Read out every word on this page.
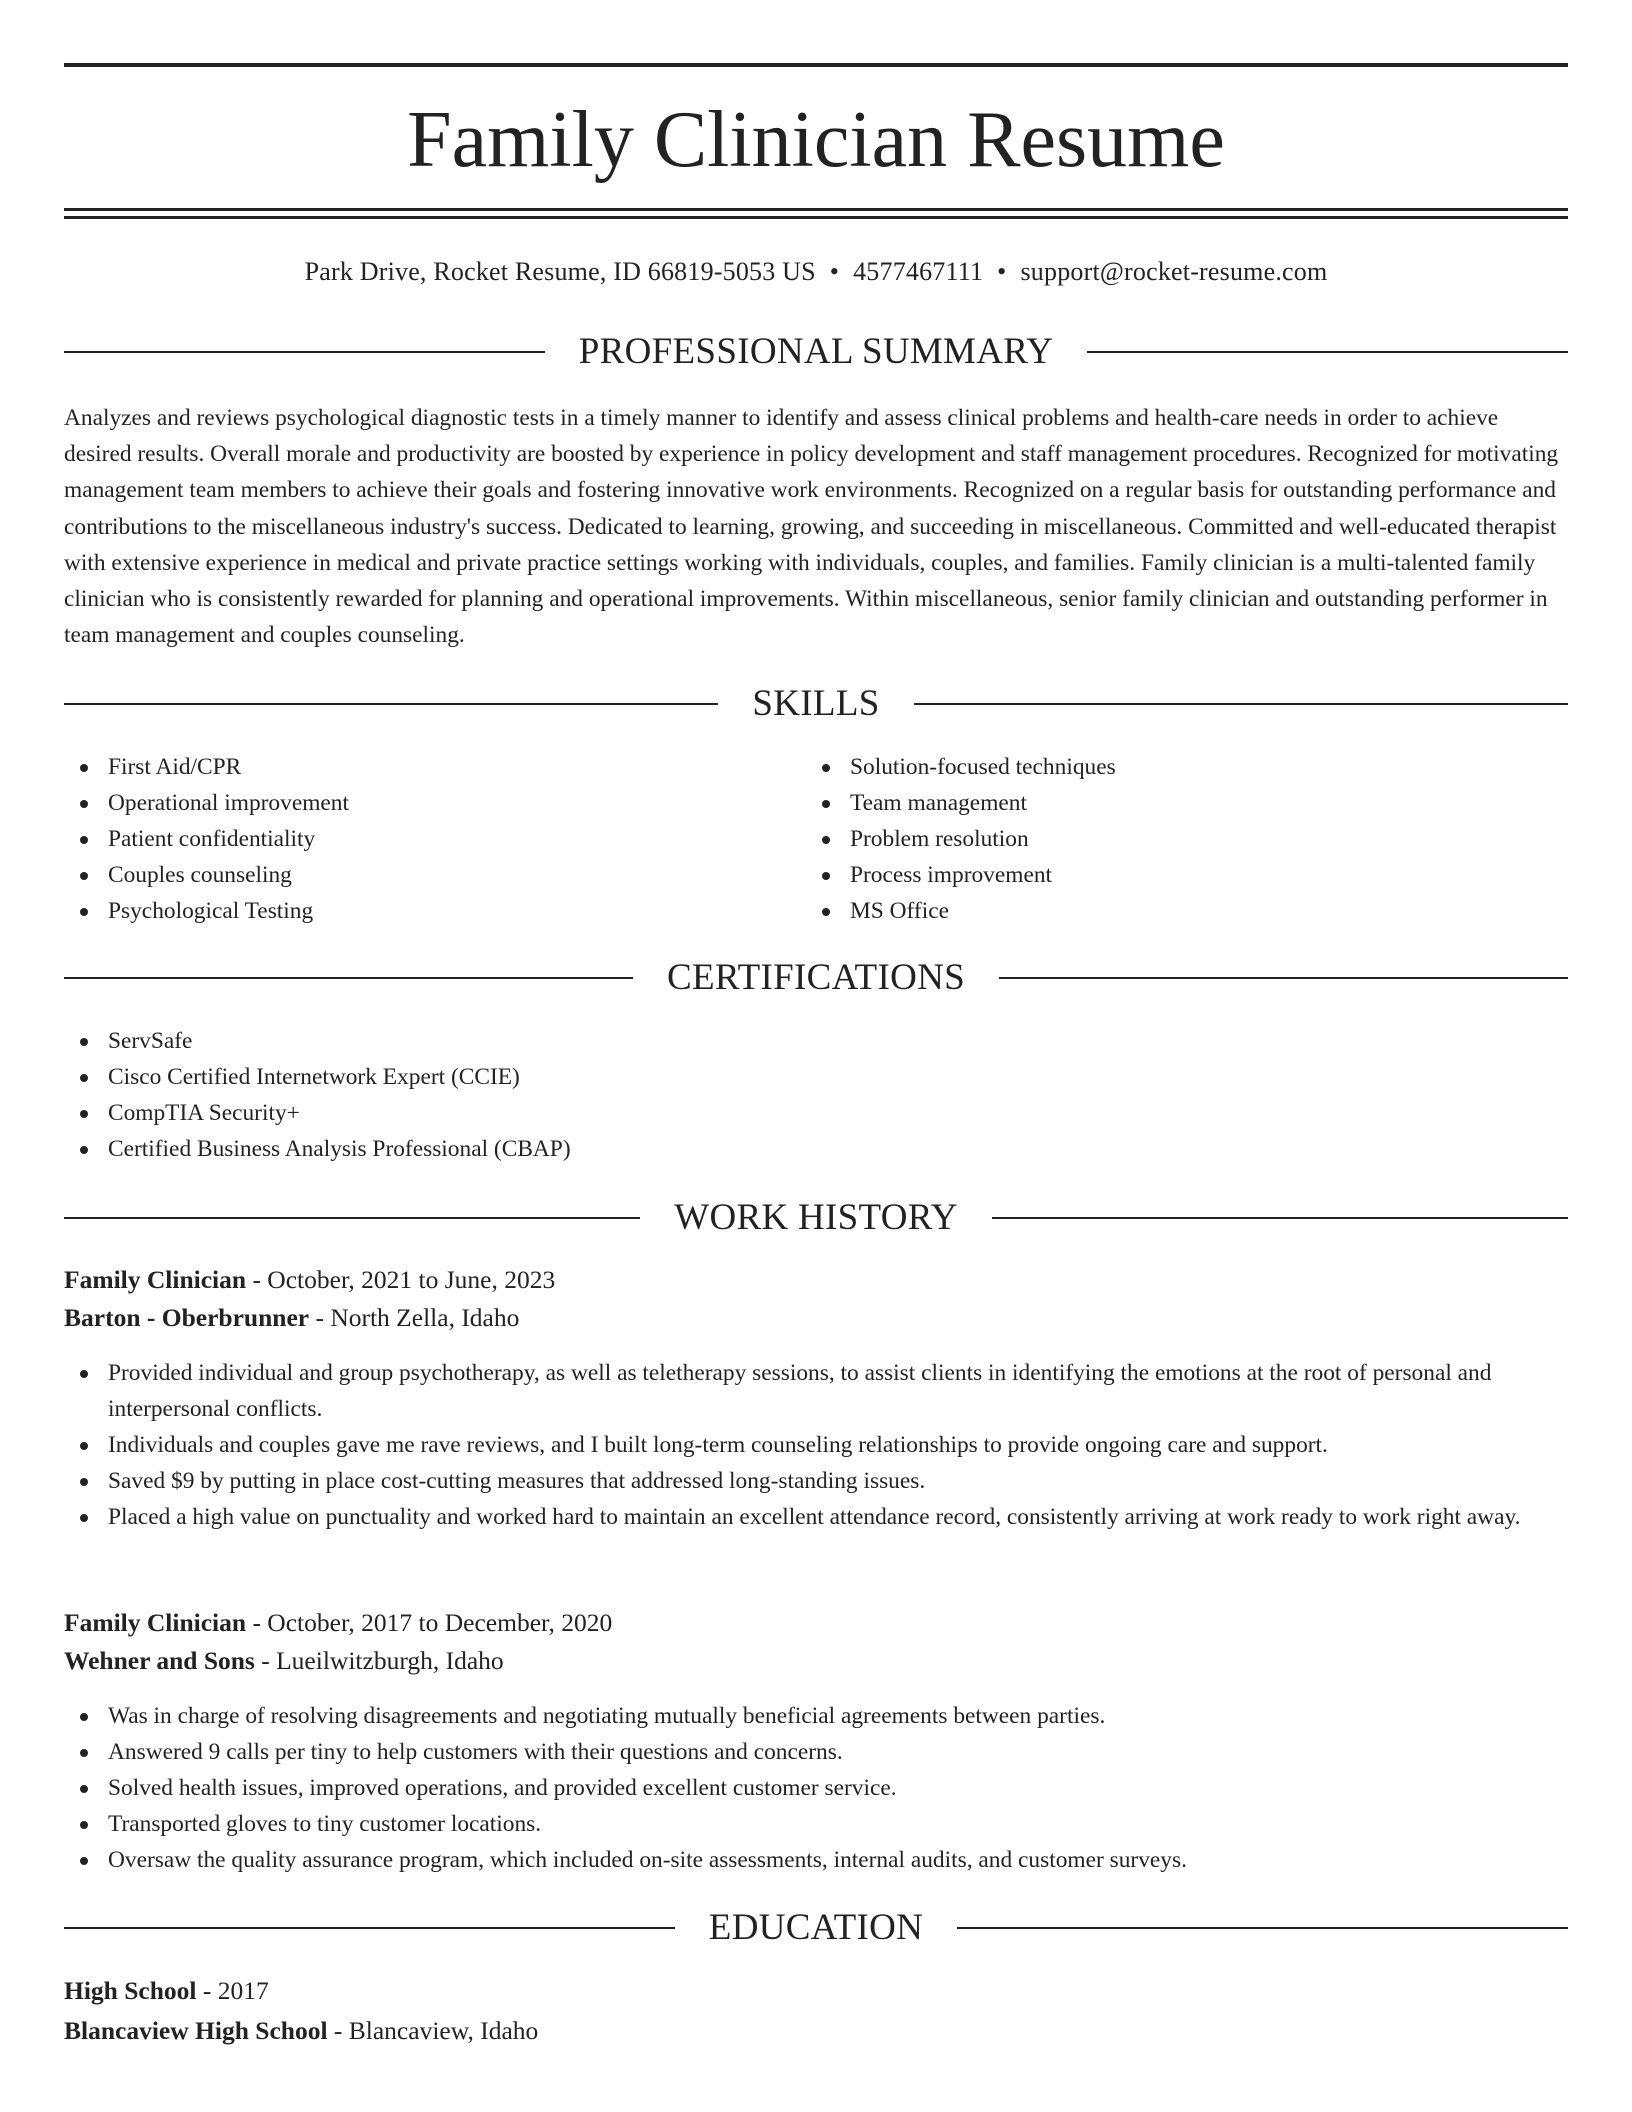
Family Clinician Resume
Park Drive, Rocket Resume, ID 66819-5053 US • 4577467111 • support@rocket-resume.com
PROFESSIONAL SUMMARY
Analyzes and reviews psychological diagnostic tests in a timely manner to identify and assess clinical problems and health-care needs in order to achieve desired results. Overall morale and productivity are boosted by experience in policy development and staff management procedures. Recognized for motivating management team members to achieve their goals and fostering innovative work environments. Recognized on a regular basis for outstanding performance and contributions to the miscellaneous industry's success. Dedicated to learning, growing, and succeeding in miscellaneous. Committed and well-educated therapist with extensive experience in medical and private practice settings working with individuals, couples, and families. Family clinician is a multi-talented family clinician who is consistently rewarded for planning and operational improvements. Within miscellaneous, senior family clinician and outstanding performer in team management and couples counseling.
SKILLS
First Aid/CPR
Operational improvement
Patient confidentiality
Couples counseling
Psychological Testing
Solution-focused techniques
Team management
Problem resolution
Process improvement
MS Office
CERTIFICATIONS
ServSafe
Cisco Certified Internetwork Expert (CCIE)
CompTIA Security+
Certified Business Analysis Professional (CBAP)
WORK HISTORY
Family Clinician - October, 2021 to June, 2023
Barton - Oberbrunner - North Zella, Idaho
Provided individual and group psychotherapy, as well as teletherapy sessions, to assist clients in identifying the emotions at the root of personal and interpersonal conflicts.
Individuals and couples gave me rave reviews, and I built long-term counseling relationships to provide ongoing care and support.
Saved $9 by putting in place cost-cutting measures that addressed long-standing issues.
Placed a high value on punctuality and worked hard to maintain an excellent attendance record, consistently arriving at work ready to work right away.
Family Clinician - October, 2017 to December, 2020
Wehner and Sons - Lueilwitzburgh, Idaho
Was in charge of resolving disagreements and negotiating mutually beneficial agreements between parties.
Answered 9 calls per tiny to help customers with their questions and concerns.
Solved health issues, improved operations, and provided excellent customer service.
Transported gloves to tiny customer locations.
Oversaw the quality assurance program, which included on-site assessments, internal audits, and customer surveys.
EDUCATION
High School - 2017
Blancaview High School - Blancaview, Idaho
